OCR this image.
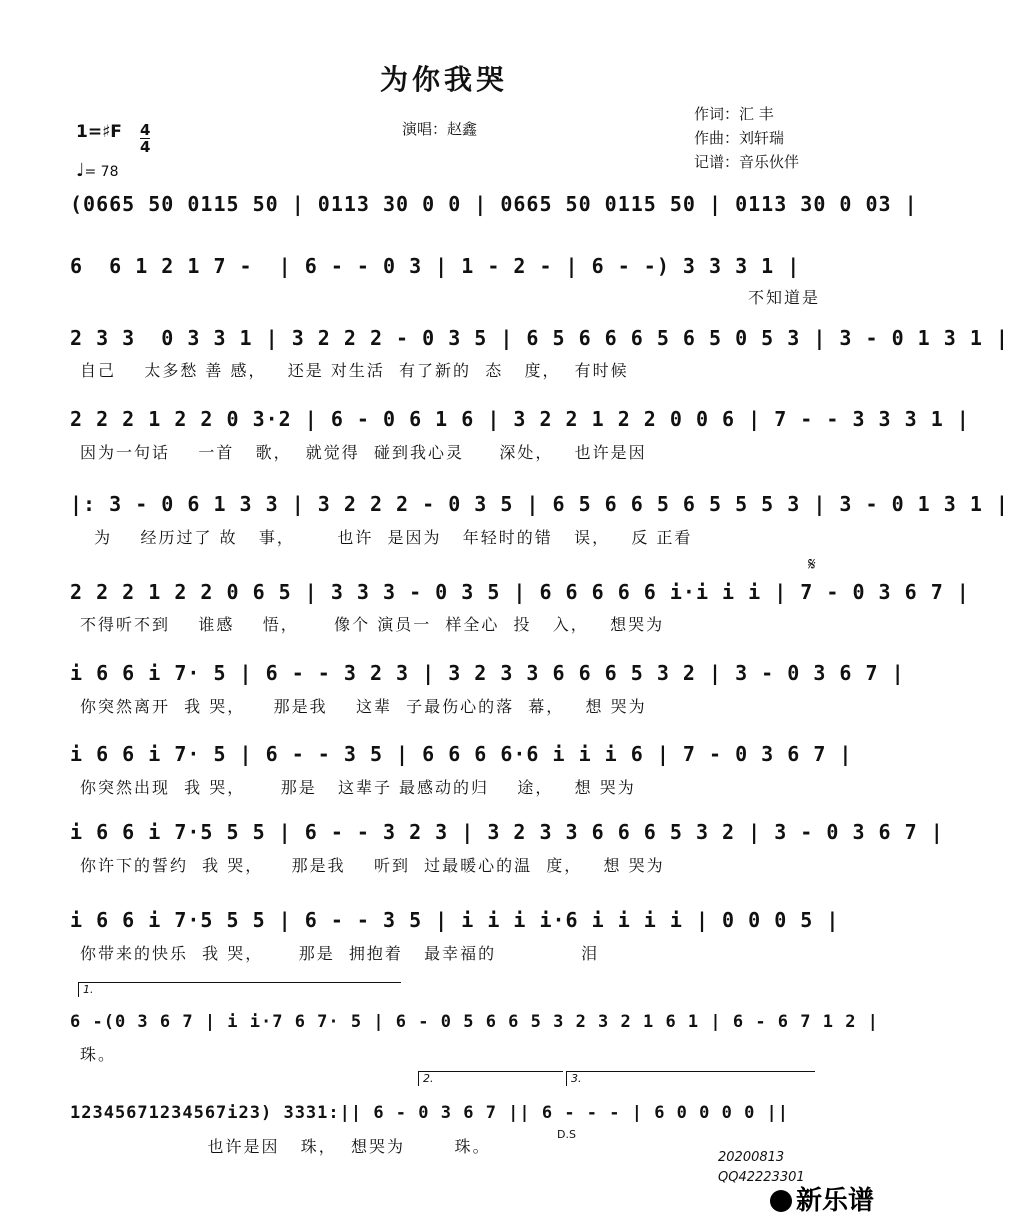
为你我哭
演唱：赵鑫
作词：汇 丰
作曲：刘轩瑞
记谱：音乐伙伴
1=♯F 4
4
♩= 78
(0665 50 0115 50 | 0113 30 0 0 | 0665 50 0115 50 | 0113 30 0 03 |
6  6 1 2 1 7 -  | 6 - - 0 3 | 1 - 2 - | 6 - -) 3 3 3 1 |
不知道是
2 3 3  0 3 3 1 | 3 2 2 2 - 0 3 5 | 6 5 6 6 6 5 6 5 0 5 3 | 3 - 0 1 3 1 |
自己    太多愁 善 感，   还是 对生活  有了新的  态   度，  有时候
2 2 2 1 2 2 0 3·2 | 6 - 0 6 1 6 | 3 2 2 1 2 2 0 0 6 | 7 - - 3 3 3 1 |
因为一句话    一首   歌，  就觉得  碰到我心灵     深处，   也许是因
|: 3 - 0 6 1 3 3 | 3 2 2 2 - 0 3 5 | 6 5 6 6 5 6 5 5 5 3 | 3 - 0 1 3 1 |
为    经历过了 故   事，      也许  是因为   年轻时的错   误，   反 正看
2 2 2 1 2 2 0 6 5 | 3 3 3 - 0 3 5 | 6 6 6 6 6 i·i i i | 7 - 0 3 6 7 |
不得听不到    谁感    悟，     像个 演员一  样全心  投   入，   想哭为
i 6 6 i 7· 5 | 6 - - 3 2 3 | 3 2 3 3 6 6 6 5 3 2 | 3 - 0 3 6 7 |
你突然离开  我 哭，    那是我    这辈  子最伤心的落  幕，   想 哭为
i 6 6 i 7· 5 | 6 - - 3 5 | 6 6 6 6·6 i i i 6 | 7 - 0 3 6 7 |
你突然出现  我 哭，     那是   这辈子 最感动的归    途，   想 哭为
i 6 6 i 7·5 5 5 | 6 - - 3 2 3 | 3 2 3 3 6 6 6 5 3 2 | 3 - 0 3 6 7 |
你许下的誓约  我 哭，    那是我    听到  过最暖心的温  度，   想 哭为
i 6 6 i 7·5 5 5 | 6 - - 3 5 | i i i i·6 i i i i | 0 0 0 5 |
你带来的快乐  我 哭，     那是  拥抱着   最幸福的            泪
6 -(0 3 6 7 | i i·7 6 7· 5 | 6 - 0 5 6 6 5 3 2 3 2 1 6 1 | 6 - 6 7 1 2 |
珠。
12345671234567i23) 3331:|| 6 - 0 3 6 7 || 6 - - - | 6 0 0 0 0 ||
也许是因   珠，  想哭为       珠。
1.
2.	3.
𝄋
D.S
20200813
QQ42223301
新乐谱
